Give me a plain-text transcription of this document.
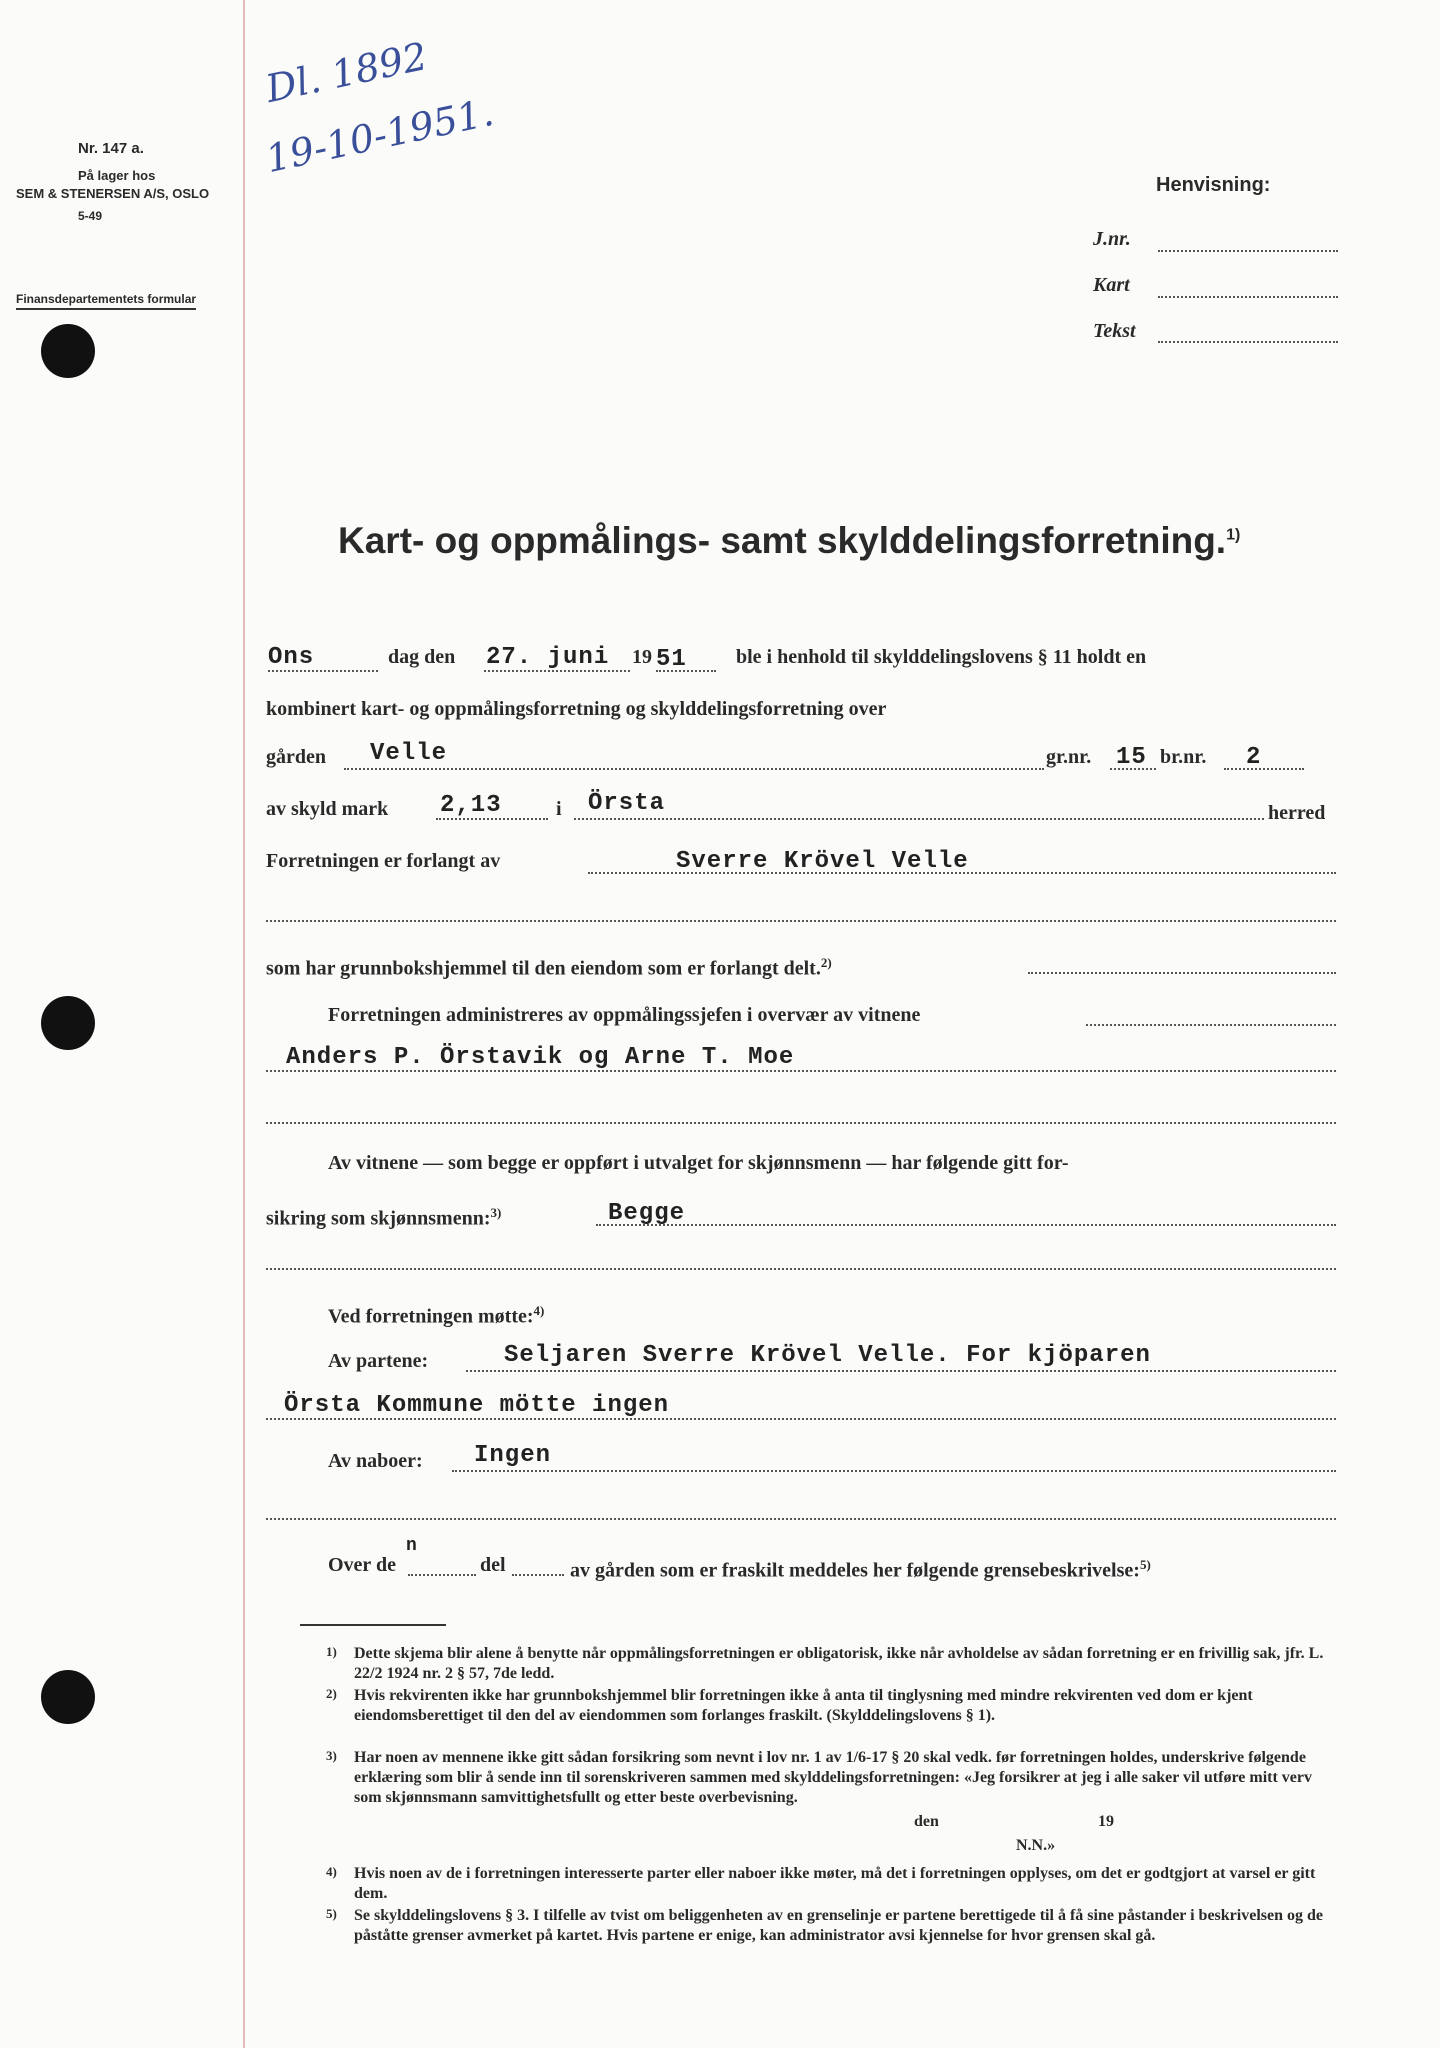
Nr. 147 a.
På lager hos
SEM & STENERSEN A/S, OSLO
5-49
Finansdepartementets formular
Dl. 1892
19-10-1951.
Henvisning:
J.nr.
Kart
Tekst
Kart- og oppmålings- samt skylddelingsforretning.$^{1)}$
Ons	dag den 27. juni 19 51 ble i henhold til skylddelingslovens § 11 holdt en
kombinert kart- og oppmålingsforretning og skylddelingsforretning over
gården Velle	gr.nr. 15 br.nr. 2
av skyld mark 2,13	i Örsta	herred
Forretningen er forlangt av	Sverre Krövel Velle
som har grunnbokshjemmel til den eiendom som er forlangt delt.$^{2)}$
Forretningen administreres av oppmålingssjefen i overvær av vitnene
Anders P. Örstavik og Arne T. Moe
Av vitnene — som begge er oppført i utvalget for skjønnsmenn — har følgende gitt for-
sikring som skjønnsmenn:$^{3)}$	Begge
Ved forretningen møtte:$^{4)}$
Av partene:	Seljaren Sverre Krövel Velle. For kjöparen
Örsta Kommune mötte ingen
Av naboer: Ingen
Over de
n
del	av gården som er fraskilt meddeles her følgende grensebeskrivelse:$^{5)}$
1) Dette skjema blir alene å benytte når oppmålingsforretningen er obligatorisk, ikke når avholdelse av sådan forretning er en frivillig sak, jfr. L. 22/2 1924 nr. 2 § 57, 7de ledd.
2) Hvis rekvirenten ikke har grunnbokshjemmel blir forretningen ikke å anta til tinglysning med mindre rekvirenten ved dom er kjent eiendomsberettiget til den del av eiendommen som forlanges fraskilt. (Skylddelingslovens § 1).
3) Har noen av mennene ikke gitt sådan forsikring som nevnt i lov nr. 1 av 1/6-17 § 20 skal vedk. før forretningen holdes, underskrive følgende erklæring som blir å sende inn til sorenskriveren sammen med skylddelingsforretningen: «Jeg forsikrer at jeg i alle saker vil utføre mitt verv som skjønnsmann samvittighetsfullt og etter beste overbevisning.
den	19
N.N.»
4) Hvis noen av de i forretningen interesserte parter eller naboer ikke møter, må det i forretningen opplyses, om det er godtgjort at varsel er gitt dem.
5) Se skylddelingslovens § 3. I tilfelle av tvist om beliggenheten av en grenselinje er partene berettigede til å få sine påstander i beskrivelsen og de påståtte grenser avmerket på kartet. Hvis partene er enige, kan administrator avsi kjennelse for hvor grensen skal gå.
